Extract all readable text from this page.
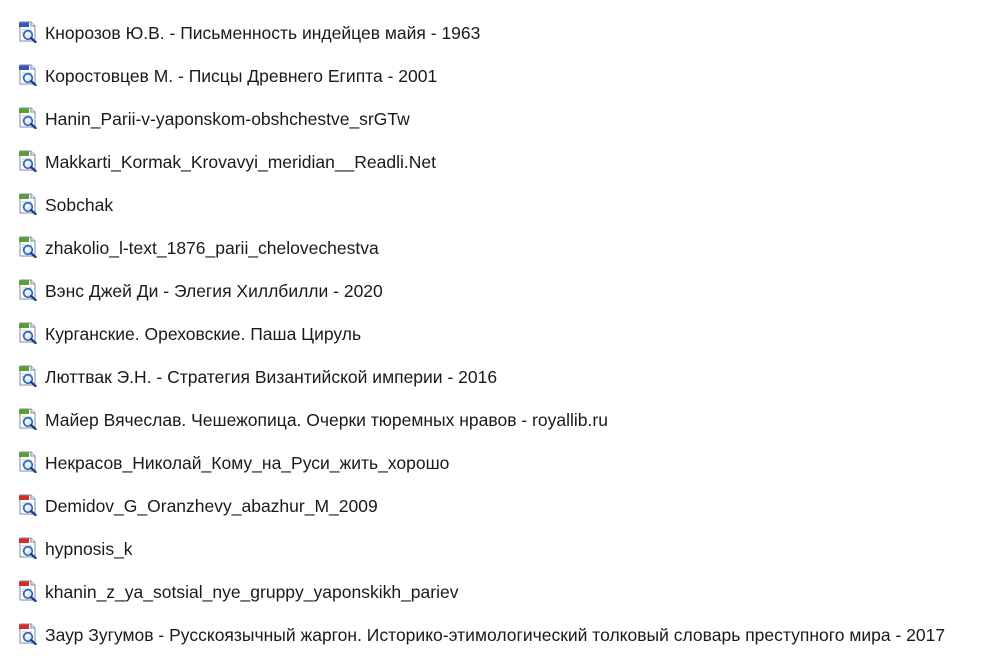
Кнорозов Ю.В. - Письменность индейцев майя - 1963
Коростовцев М. - Писцы Древнего Египта - 2001
Hanin_Parii-v-yaponskom-obshchestve_srGTw
Makkarti_Kormak_Krovavyi_meridian__Readli.Net
Sobchak
zhakolio_l-text_1876_parii_chelovechestva
Вэнс Джей Ди - Элегия Хиллбилли - 2020
Курганские. Ореховские. Паша Цируль
Люттвак Э.Н. - Стратегия Византийской империи - 2016
Майер Вячеслав. Чешежопица. Очерки тюремных нравов - royallib.ru
Некрасов_Николай_Кому_на_Руси_жить_хорошо
Demidov_G_Oranzhevy_abazhur_M_2009
hypnosis_k
khanin_z_ya_sotsial_nye_gruppy_yaponskikh_pariev
Заур Зугумов - Русскоязычный жаргон. Историко-этимологический толковый словарь преступного мира - 2017
